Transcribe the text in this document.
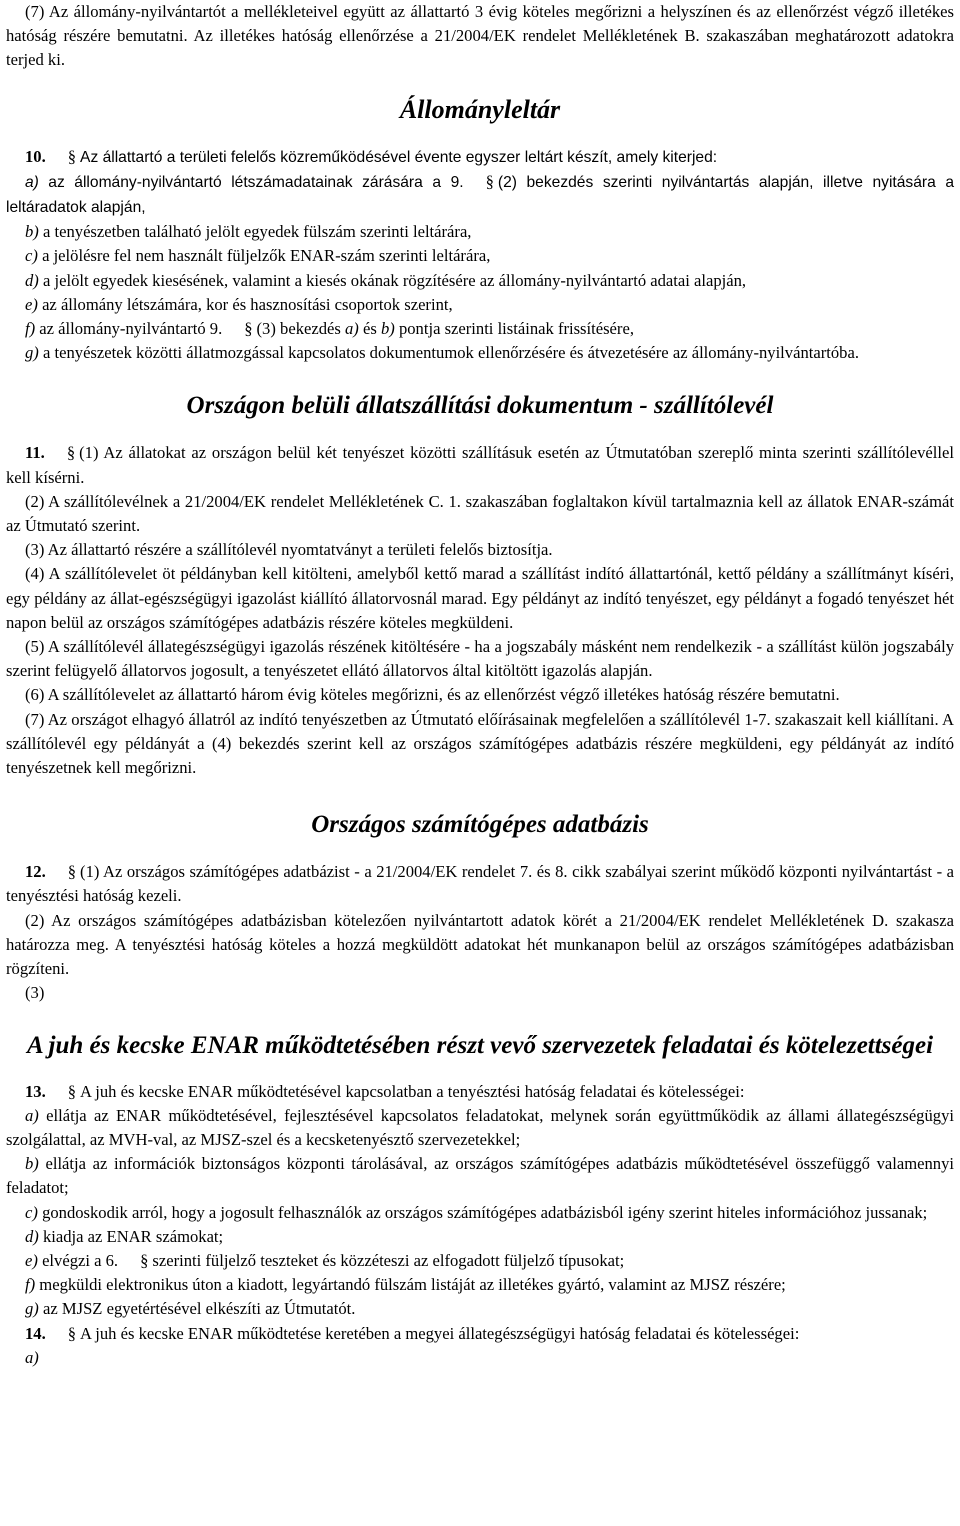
(7) Az állomány-nyilvántartót a mellékleteivel együtt az állattartó 3 évig köteles megőrizni a helyszínen és az ellenőrzést végző illetékes hatóság részére bemutatni. Az illetékes hatóság ellenőrzése a 21/2004/EK rendelet Mellékletének B. szakaszában meghatározott adatokra terjed ki.

Állományleltár

10. § Az állattartó a területi felelős közreműködésével évente egyszer leltárt készít, amely kiterjed:

a) az állomány-nyilvántartó létszámadatainak zárására a 9. § (2) bekezdés szerinti nyilvántartás alapján, illetve nyitására a leltáradatok alapján,

b) a tenyészetben található jelölt egyedek fülszám szerinti leltárára,

c) a jelölésre fel nem használt füljelzők ENAR-szám szerinti leltárára,

d) a jelölt egyedek kiesésének, valamint a kiesés okának rögzítésére az állomány-nyilvántartó adatai alapján,

e) az állomány létszámára, kor és hasznosítási csoportok szerint,

f) az állomány-nyilvántartó 9. § (3) bekezdés a) és b) pontja szerinti listáinak frissítésére,

g) a tenyészetek közötti állatmozgással kapcsolatos dokumentumok ellenőrzésére és átvezetésére az állomány-nyilvántartóba.

Országon belüli állatszállítási dokumentum - szállítólevél

11. § (1) Az állatokat az országon belül két tenyészet közötti szállításuk esetén az Útmutatóban szereplő minta szerinti szállítólevéllel kell kísérni.

(2) A szállítólevélnek a 21/2004/EK rendelet Mellékletének C. 1. szakaszában foglaltakon kívül tartalmaznia kell az állatok ENAR-számát az Útmutató szerint.

(3) Az állattartó részére a szállítólevél nyomtatványt a területi felelős biztosítja.

(4) A szállítólevelet öt példányban kell kitölteni, amelyből kettő marad a szállítást indító állattartónál, kettő példány a szállítmányt kíséri, egy példány az állat-egészségügyi igazolást kiállító állatorvosnál marad. Egy példányt az indító tenyészet, egy példányt a fogadó tenyészet hét napon belül az országos számítógépes adatbázis részére köteles megküldeni.

(5) A szállítólevél állategészségügyi igazolás részének kitöltésére - ha a jogszabály másként nem rendelkezik - a szállítást külön jogszabály szerint felügyelő állatorvos jogosult, a tenyészetet ellátó állatorvos által kitöltött igazolás alapján.

(6) A szállítólevelet az állattartó három évig köteles megőrizni, és az ellenőrzést végző illetékes hatóság részére bemutatni.

(7) Az országot elhagyó állatról az indító tenyészetben az Útmutató előírásainak megfelelően a szállítólevél 1-7. szakaszait kell kiállítani. A szállítólevél egy példányát a (4) bekezdés szerint kell az országos számítógépes adatbázis részére megküldeni, egy példányát az indító tenyészetnek kell megőrizni.

Országos számítógépes adatbázis

12. § (1) Az országos számítógépes adatbázist - a 21/2004/EK rendelet 7. és 8. cikk szabályai szerint működő központi nyilvántartást - a tenyésztési hatóság kezeli.

(2) Az országos számítógépes adatbázisban kötelezően nyilvántartott adatok körét a 21/2004/EK rendelet Mellékletének D. szakasza határozza meg. A tenyésztési hatóság köteles a hozzá megküldött adatokat hét munkanapon belül az országos számítógépes adatbázisban rögzíteni.

(3)

A juh és kecske ENAR működtetésében részt vevő szervezetek feladatai és kötelezettségei

13. § A juh és kecske ENAR működtetésével kapcsolatban a tenyésztési hatóság feladatai és kötelességei:

a) ellátja az ENAR működtetésével, fejlesztésével kapcsolatos feladatokat, melynek során együttműködik az állami állategészségügyi szolgálattal, az MVH-val, az MJSZ-szel és a kecsketenyésztő szervezetekkel;

b) ellátja az információk biztonságos központi tárolásával, az országos számítógépes adatbázis működtetésével összefüggő valamennyi feladatot;

c) gondoskodik arról, hogy a jogosult felhasználók az országos számítógépes adatbázisból igény szerint hiteles információhoz jussanak;

d) kiadja az ENAR számokat;

e) elvégzi a 6. § szerinti füljelző teszteket és közzéteszi az elfogadott füljelző típusokat;

f) megküldi elektronikus úton a kiadott, legyártandó fülszám listáját az illetékes gyártó, valamint az MJSZ részére;

g) az MJSZ egyetértésével elkészíti az Útmutatót.

14. § A juh és kecske ENAR működtetése keretében a megyei állategészségügyi hatóság feladatai és kötelességei:

a)
